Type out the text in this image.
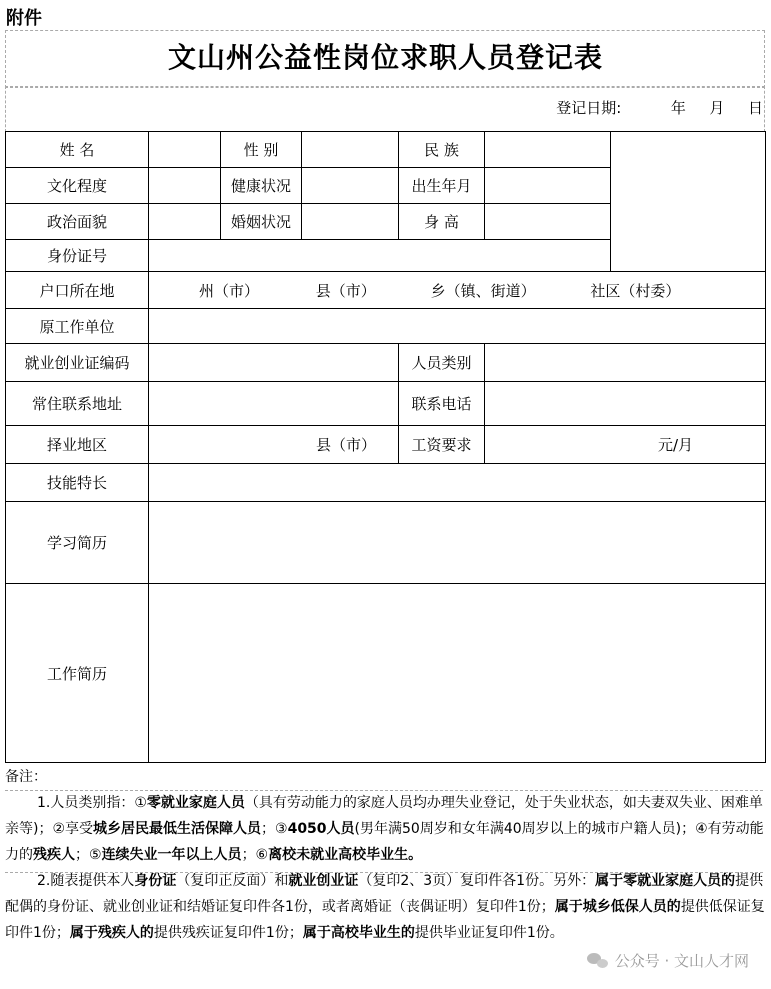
附件
文山州公益性岗位求职人员登记表
登记日期:	年 月 日
姓 名		性 别		民 族		
文化程度		健康状况		出生年月		
政治面貌		婚姻状况		身 高		
身份证号						
户口所在地	州（市） 县（市） 乡（镇、街道） 社区（村委）					
原工作单位						
就业创业证编码				人员类别		
常住联系地址				联系电话		
择业地区	县（市）			工资要求	元/月	
技能特长						
学习简历						
工作简历						

备注：

1.人员类别指：①零就业家庭人员（具有劳动能力的家庭人员均办理失业登记，处于失业状态，如夫妻双失业、困难单亲等)；②享受城乡居民最低生活保障人员；③4050人员(男年满50周岁和女年满40周岁以上的城市户籍人员)；④有劳动能力的残疾人；⑤连续失业一年以上人员；⑥离校未就业高校毕业生。

2.随表提供本人身份证（复印正反面）和就业创业证（复印2、3页）复印件各1份。另外：属于零就业家庭人员的提供配偶的身份证、就业创业证和结婚证复印件各1份，或者离婚证（丧偶证明）复印件1份；属于城乡低保人员的提供低保证复印件1份；属于残疾人的提供残疾证复印件1份；属于高校毕业生的提供毕业证复印件1份。

公众号 · 文山人才网
